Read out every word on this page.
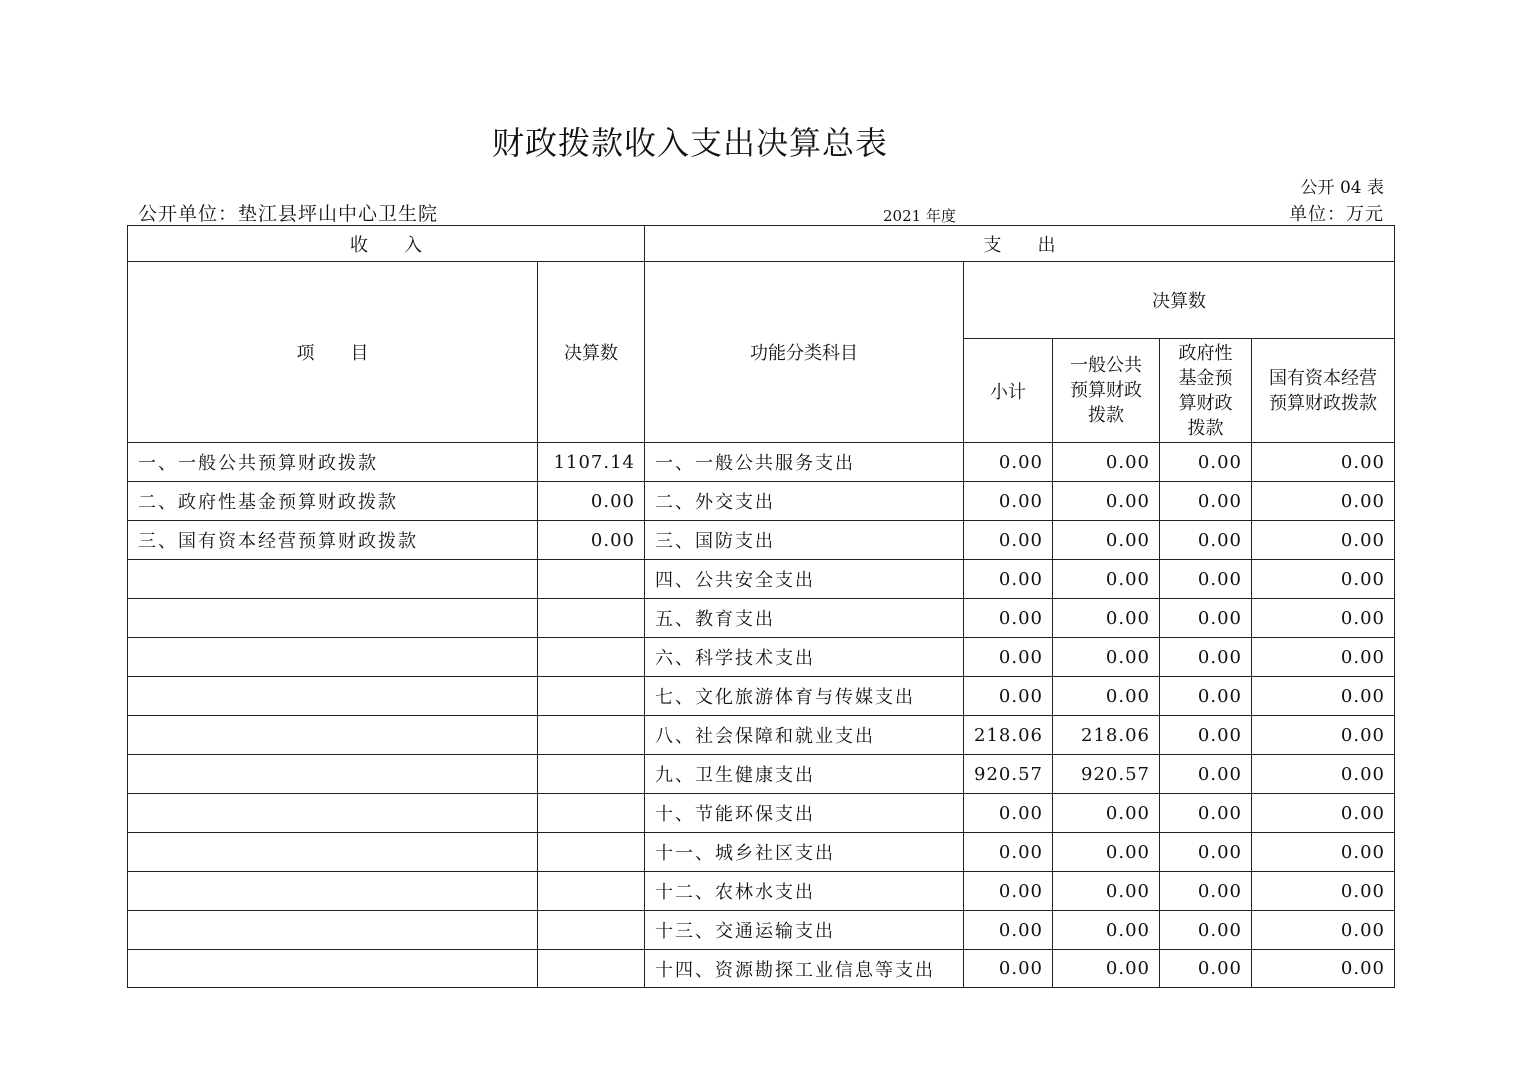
财政拨款收入支出决算总表
公开 04 表
公开单位：垫江县坪山中心卫生院	2021 年度	单位：万元
收　　入		支　　出				
项　　目	决算数	功能分类科目	决算数			
			小计	一般公共预算财政拨款	政府性基金预算财政拨款	国有资本经营预算财政拨款
一、一般公共预算财政拨款	1107.14	一、一般公共服务支出	0.00	0.00	0.00	0.00
二、政府性基金预算财政拨款	0.00	二、外交支出	0.00	0.00	0.00	0.00
三、国有资本经营预算财政拨款	0.00	三、国防支出	0.00	0.00	0.00	0.00
		四、公共安全支出	0.00	0.00	0.00	0.00
		五、教育支出	0.00	0.00	0.00	0.00
		六、科学技术支出	0.00	0.00	0.00	0.00
		七、文化旅游体育与传媒支出	0.00	0.00	0.00	0.00
		八、社会保障和就业支出	218.06	218.06	0.00	0.00
		九、卫生健康支出	920.57	920.57	0.00	0.00
		十、节能环保支出	0.00	0.00	0.00	0.00
		十一、城乡社区支出	0.00	0.00	0.00	0.00
		十二、农林水支出	0.00	0.00	0.00	0.00
		十三、交通运输支出	0.00	0.00	0.00	0.00
		十四、资源勘探工业信息等支出	0.00	0.00	0.00	0.00
